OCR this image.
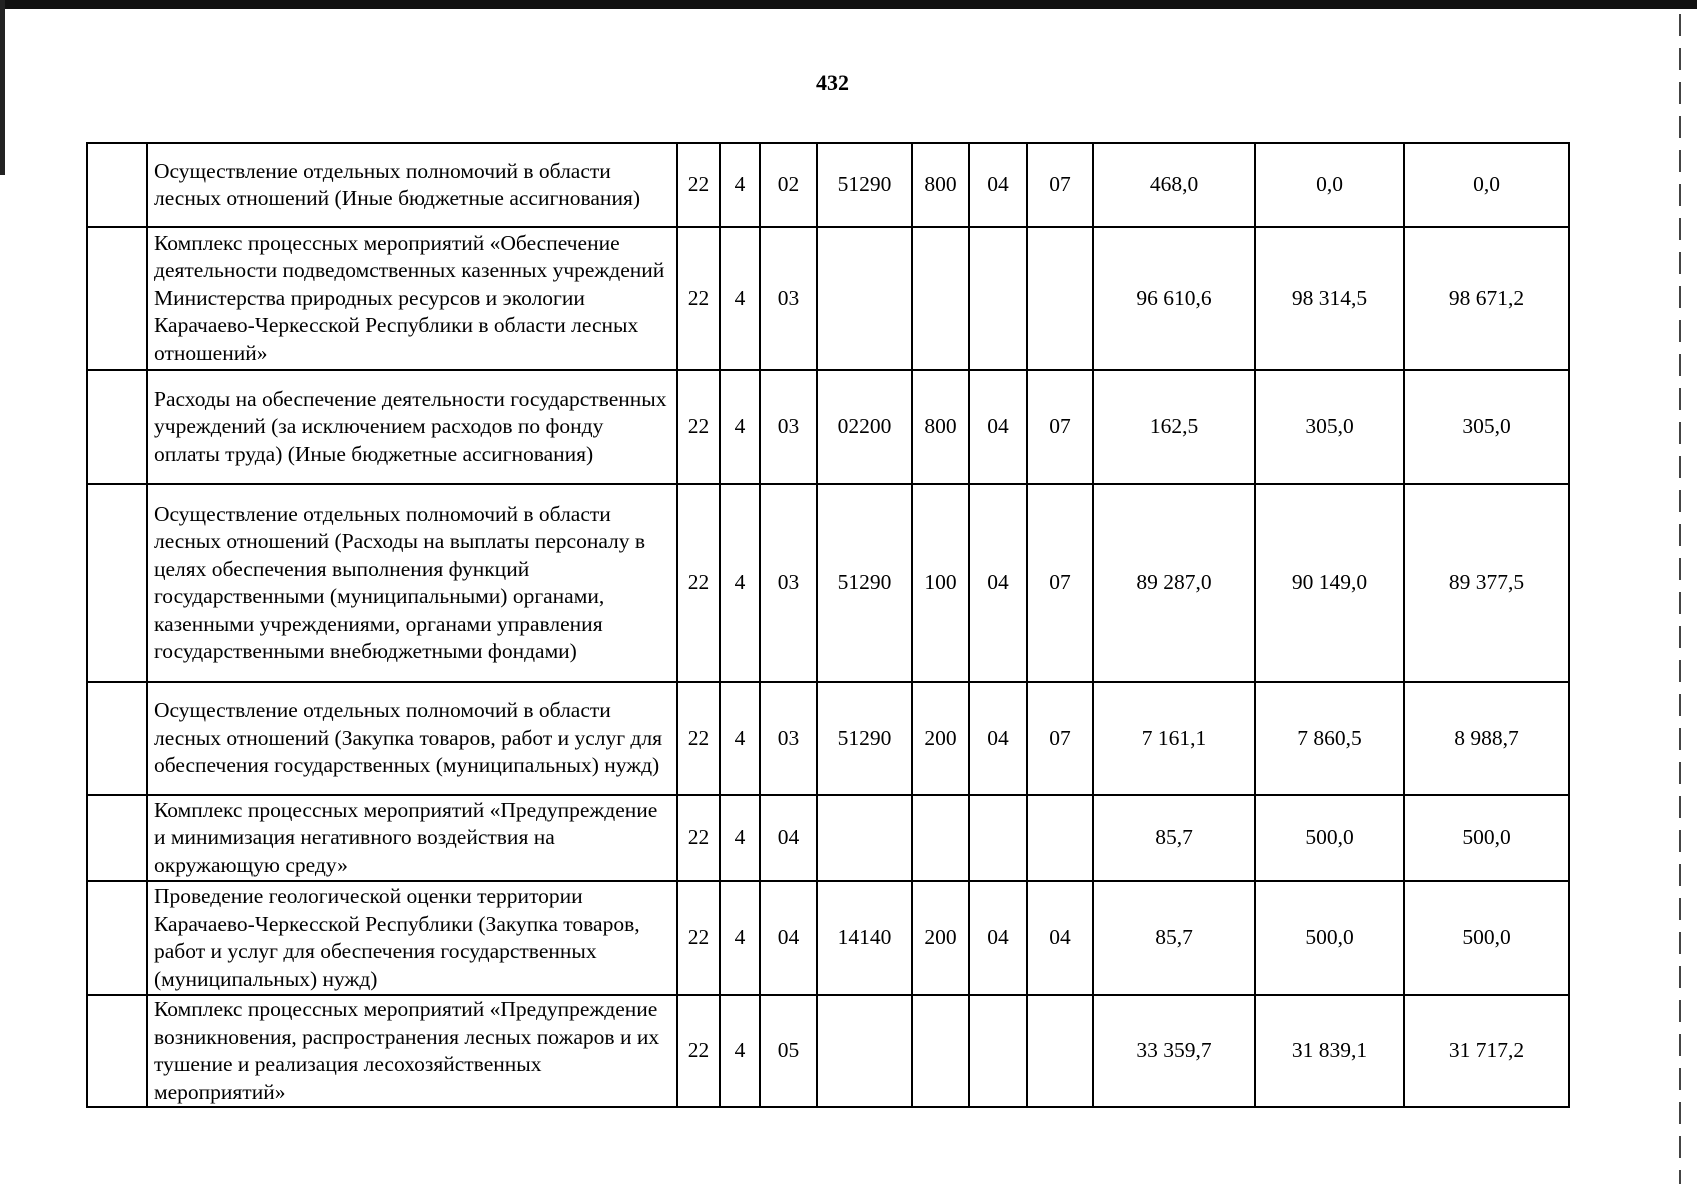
432
	Осуществление отдельных полномочий в области лесных отношений (Иные бюджетные ассигнования)	22	4	02	51290	800	04	07	468,0	0,0	0,0
	Комплекс процессных мероприятий «Обеспечение деятельности подведомственных казенных учреждений Министерства природных ресурсов и экологии Карачаево-Черкесской Республики в области лесных отношений»	22	4	03					96 610,6	98 314,5	98 671,2
	Расходы на обеспечение деятельности государственных учреждений (за исключением расходов по фонду оплаты труда) (Иные бюджетные ассигнования)	22	4	03	02200	800	04	07	162,5	305,0	305,0
	Осуществление отдельных полномочий в области лесных отношений (Расходы на выплаты персоналу в целях обеспечения выполнения функций государственными (муниципальными) органами, казенными учреждениями, органами управления государственными внебюджетными фондами)	22	4	03	51290	100	04	07	89 287,0	90 149,0	89 377,5
	Осуществление отдельных полномочий в области лесных отношений (Закупка товаров, работ и услуг для обеспечения государственных (муниципальных) нужд)	22	4	03	51290	200	04	07	7 161,1	7 860,5	8 988,7
	Комплекс процессных мероприятий «Предупреждение и минимизация негативного воздействия на окружающую среду»	22	4	04					85,7	500,0	500,0
	Проведение геологической оценки территории Карачаево-Черкесской Республики (Закупка товаров, работ и услуг для обеспечения государственных (муниципальных) нужд)	22	4	04	14140	200	04	04	85,7	500,0	500,0
	Комплекс процессных мероприятий «Предупреждение возникновения, распространения лесных пожаров и их тушение и реализация лесохозяйственных мероприятий»	22	4	05					33 359,7	31 839,1	31 717,2
